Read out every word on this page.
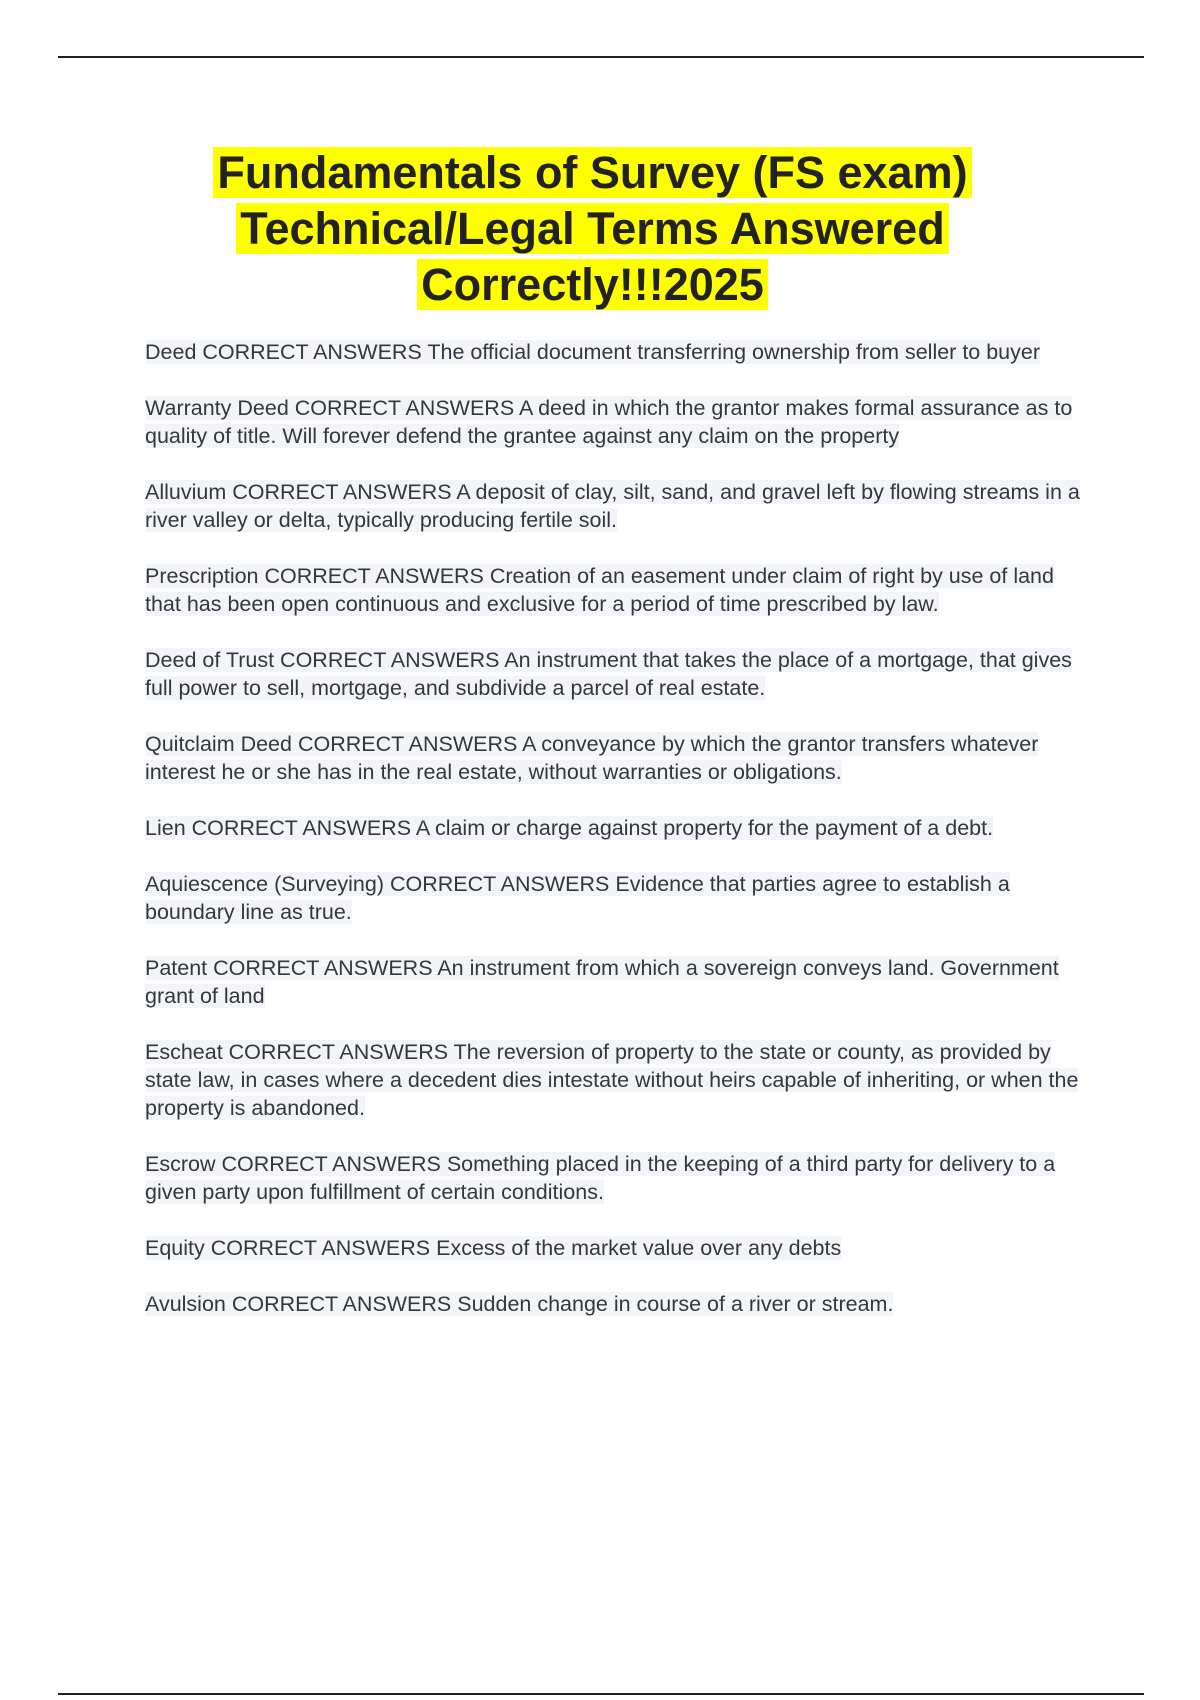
Fundamentals of Survey (FS exam)
Technical/Legal Terms Answered
Correctly!!!2025

Deed CORRECT ANSWERS The official document transferring ownership from seller to buyer

Warranty Deed CORRECT ANSWERS A deed in which the grantor makes formal assurance as to quality of title. Will forever defend the grantee against any claim on the property

Alluvium CORRECT ANSWERS A deposit of clay, silt, sand, and gravel left by flowing streams in a river valley or delta, typically producing fertile soil.

Prescription CORRECT ANSWERS Creation of an easement under claim of right by use of land that has been open continuous and exclusive for a period of time prescribed by law.

Deed of Trust CORRECT ANSWERS An instrument that takes the place of a mortgage, that gives full power to sell, mortgage, and subdivide a parcel of real estate.

Quitclaim Deed CORRECT ANSWERS A conveyance by which the grantor transfers whatever interest he or she has in the real estate, without warranties or obligations.

Lien CORRECT ANSWERS A claim or charge against property for the payment of a debt.

Aquiescence (Surveying) CORRECT ANSWERS Evidence that parties agree to establish a boundary line as true.

Patent CORRECT ANSWERS An instrument from which a sovereign conveys land. Government grant of land

Escheat CORRECT ANSWERS The reversion of property to the state or county, as provided by state law, in cases where a decedent dies intestate without heirs capable of inheriting, or when the property is abandoned.

Escrow CORRECT ANSWERS Something placed in the keeping of a third party for delivery to a given party upon fulfillment of certain conditions.

Equity CORRECT ANSWERS Excess of the market value over any debts

Avulsion CORRECT ANSWERS Sudden change in course of a river or stream.
